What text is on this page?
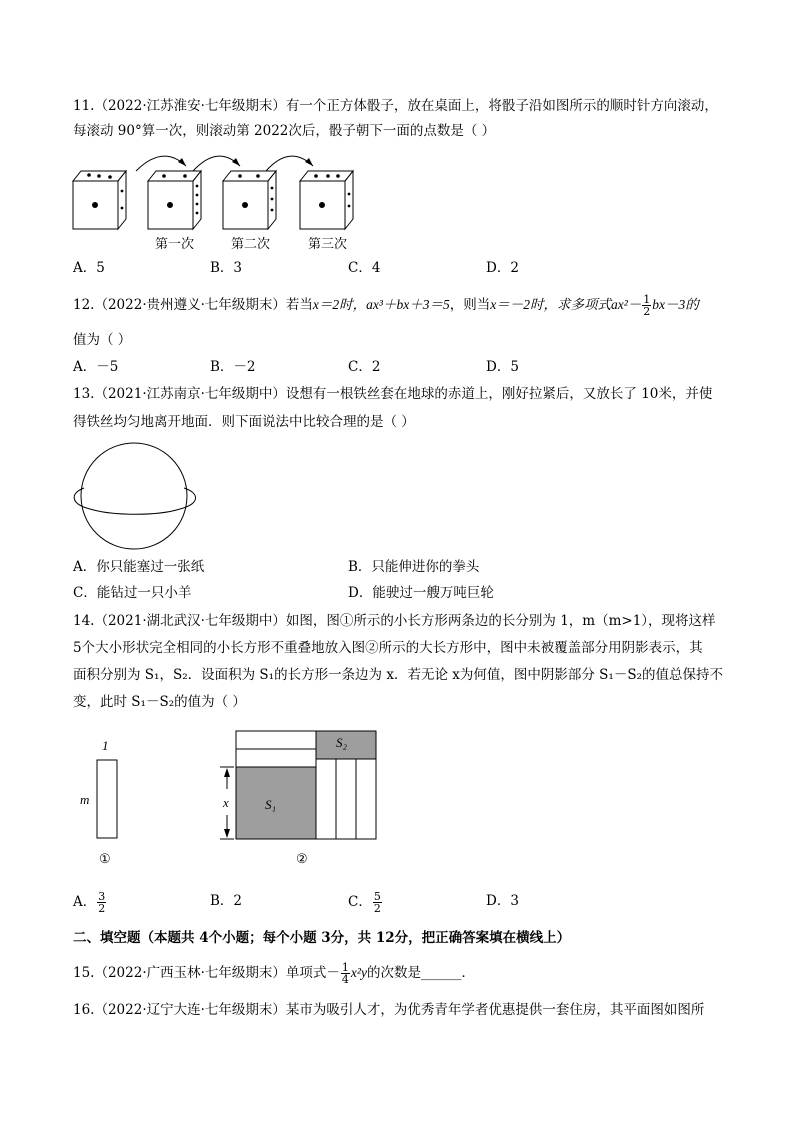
11.（2022·江苏淮安·七年级期末）有一个正方体骰子，放在桌面上，将骰子沿如图所示的顺时针方向滚动，
每滚动 90°算一次，则滚动第 2022次后，骰子朝下一面的点数是（ ）
第一次	第二次	第三次
A．5	B．3	C．4	D．2
12.（2022·贵州遵义·七年级期末）若当x＝2时，ax³＋bx＋3＝5，则当x＝－2时，求多项式$ax^2- \frac{1}{2} bx-3$的
值为（ ）
A．－5	B．－2	C．2	D．5
13.（2021·江苏南京·七年级期中）设想有一根铁丝套在地球的赤道上，刚好拉紧后，又放长了 10米，并使
得铁丝均匀地离开地面．则下面说法中比较合理的是（ ）
A．你只能塞过一张纸	B．只能伸进你的拳头
C．能钻过一只小羊	D．能驶过一艘万吨巨轮
14.（2021·湖北武汉·七年级期中）如图，图①所示的小长方形两条边的长分别为 1，m（m>1），现将这样
5个大小形状完全相同的小长方形不重叠地放入图②所示的大长方形中，图中未被覆盖部分用阴影表示，其
面积分别为 S₁，S₂．设面积为 S₁的长方形一条边为 x．若无论 x为何值，图中阴影部分 S₁－S₂的值总保持不
变，此时 S₁－S₂的值为（ ）
1
m
①
x	S₁
S₂
②
A． $\frac{3}{2}$	B．2	C． $\frac{5}{2}$	D．3
二、填空题（本题共 4个小题；每个小题 3分，共 12分，把正确答案填在横线上）
15.（2022·广西玉林·七年级期末）单项式－ $\frac{1}{4} x^2y$的次数是______．
16.（2022·辽宁大连·七年级期末）某市为吸引人才，为优秀青年学者优惠提供一套住房，其平面图如图所
